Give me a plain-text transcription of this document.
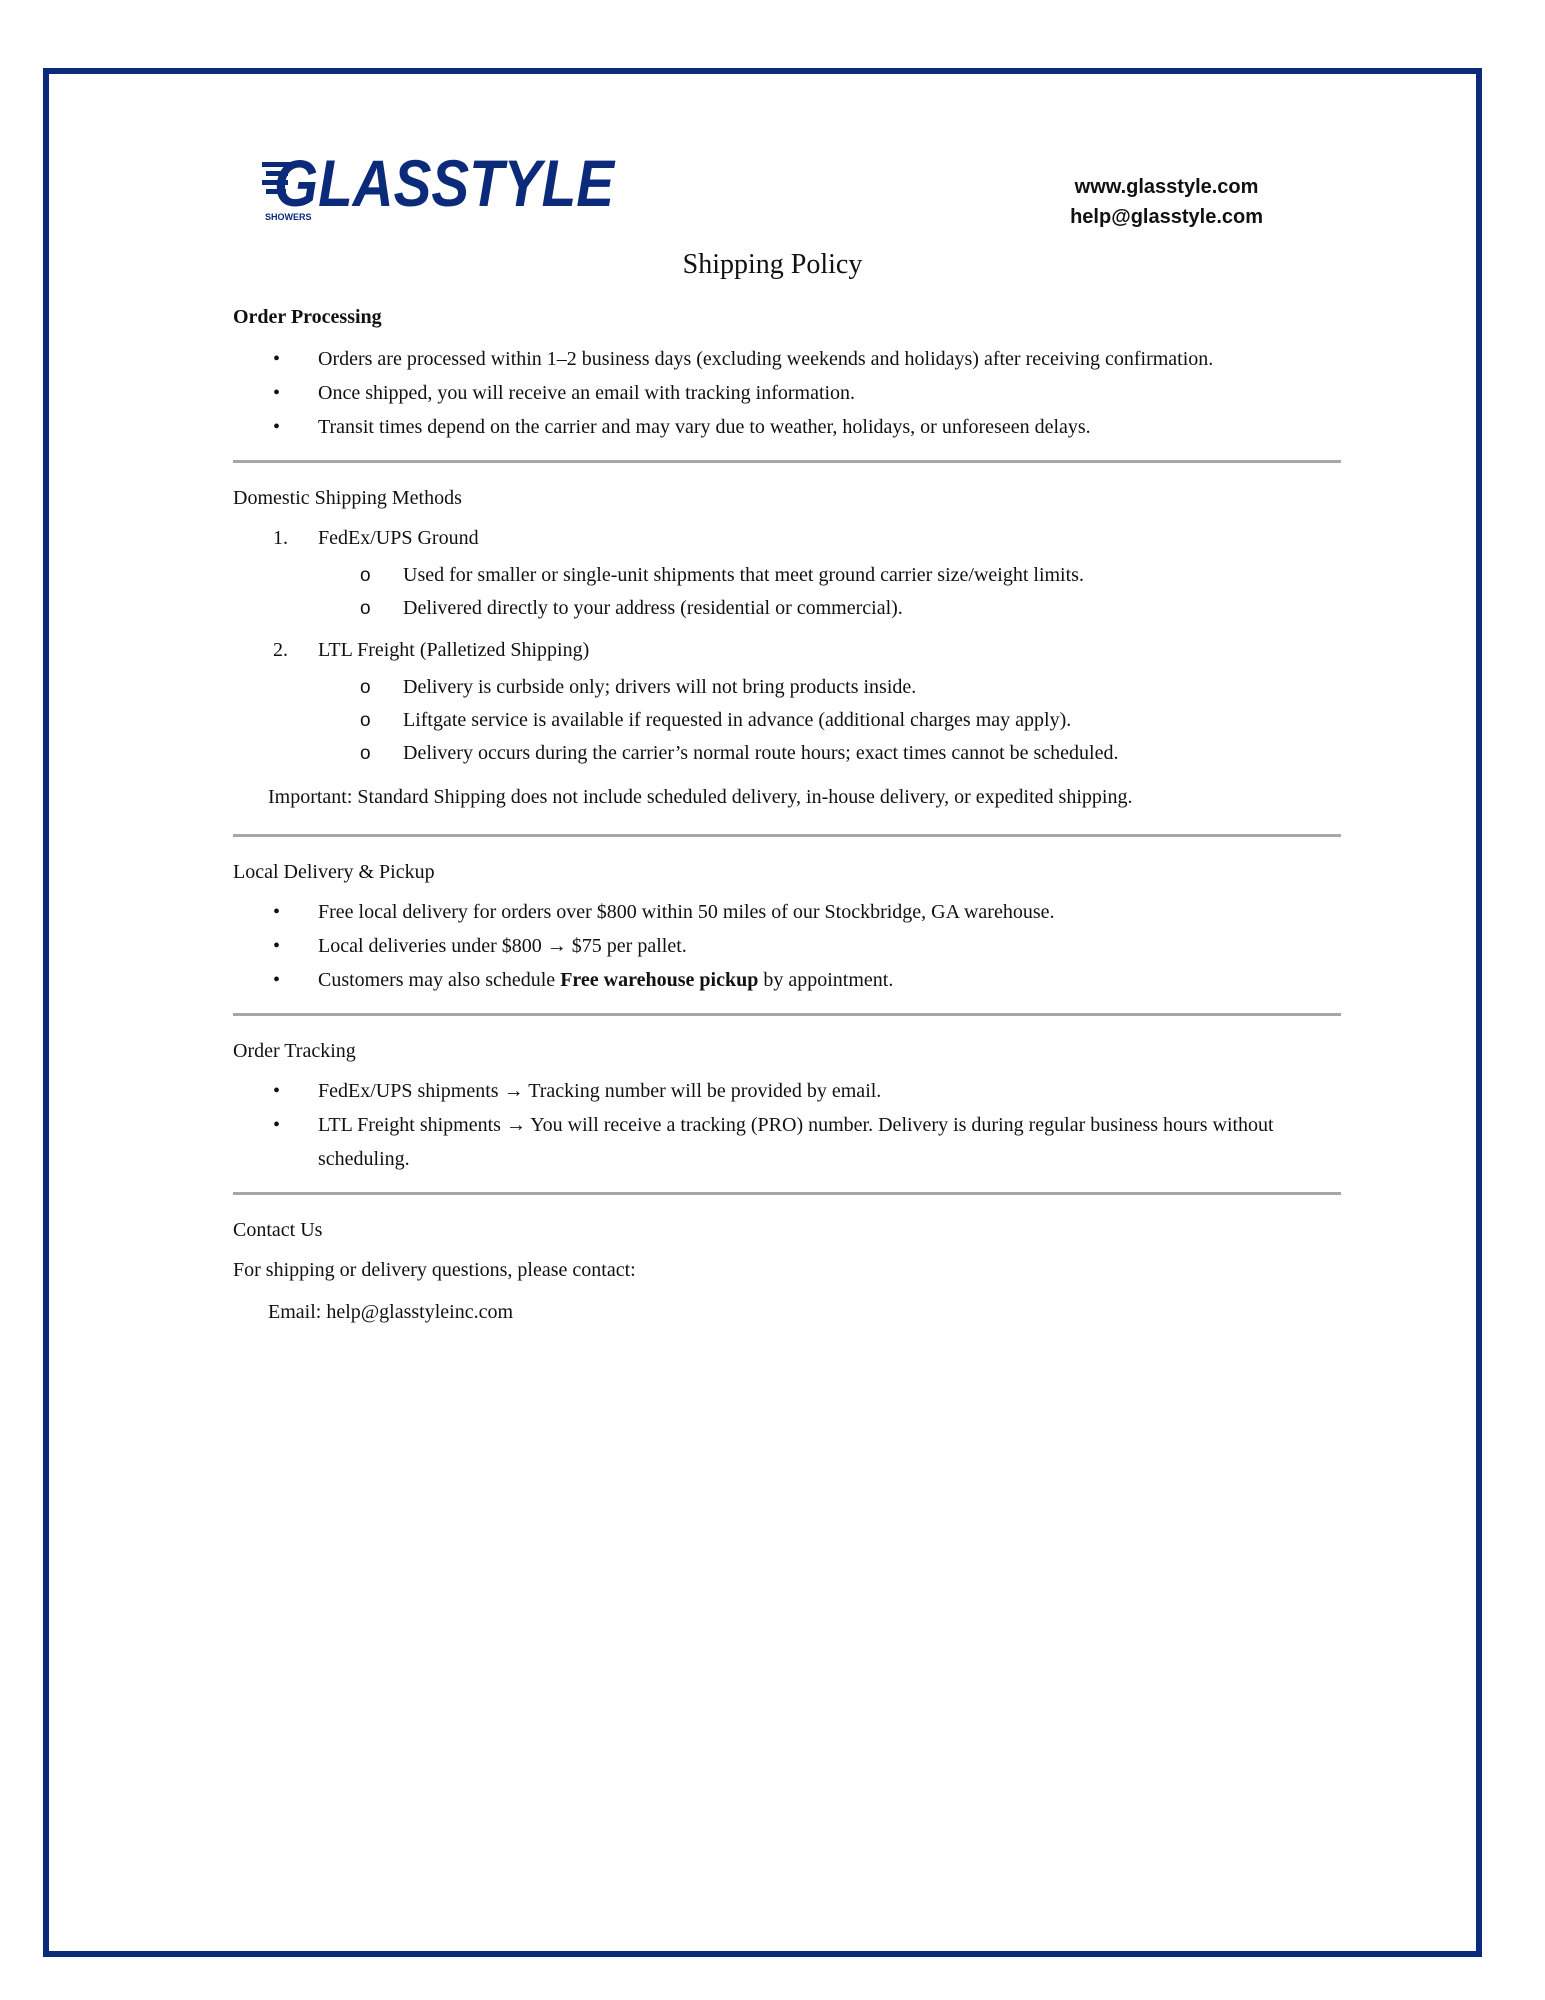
GLASSTYLE
SHOWERS
www.glasstyle.com
help@glasstyle.com
Shipping Policy

Order Processing

•	Orders are processed within 1–2 business days (excluding weekends and holidays) after receiving confirmation.
•	Once shipped, you will receive an email with tracking information.
•	Transit times depend on the carrier and may vary due to weather, holidays, or unforeseen delays.

Domestic Shipping Methods

1.	FedEx/UPS Ground
o	Used for smaller or single-unit shipments that meet ground carrier size/weight limits.
o	Delivered directly to your address (residential or commercial).
2.	LTL Freight (Palletized Shipping)
o	Delivery is curbside only; drivers will not bring products inside.
o	Liftgate service is available if requested in advance (additional charges may apply).
o	Delivery occurs during the carrier’s normal route hours; exact times cannot be scheduled.

Important: Standard Shipping does not include scheduled delivery, in-house delivery, or expedited shipping.

Local Delivery & Pickup

•	Free local delivery for orders over $800 within 50 miles of our Stockbridge, GA warehouse.
•	Local deliveries under $800 → $75 per pallet.
•	Customers may also schedule Free warehouse pickup by appointment.

Order Tracking

•	FedEx/UPS shipments → Tracking number will be provided by email.
•	LTL Freight shipments → You will receive a tracking (PRO) number. Delivery is during regular business hours without scheduling.

Contact Us

For shipping or delivery questions, please contact:

Email: help@glasstyleinc.com
